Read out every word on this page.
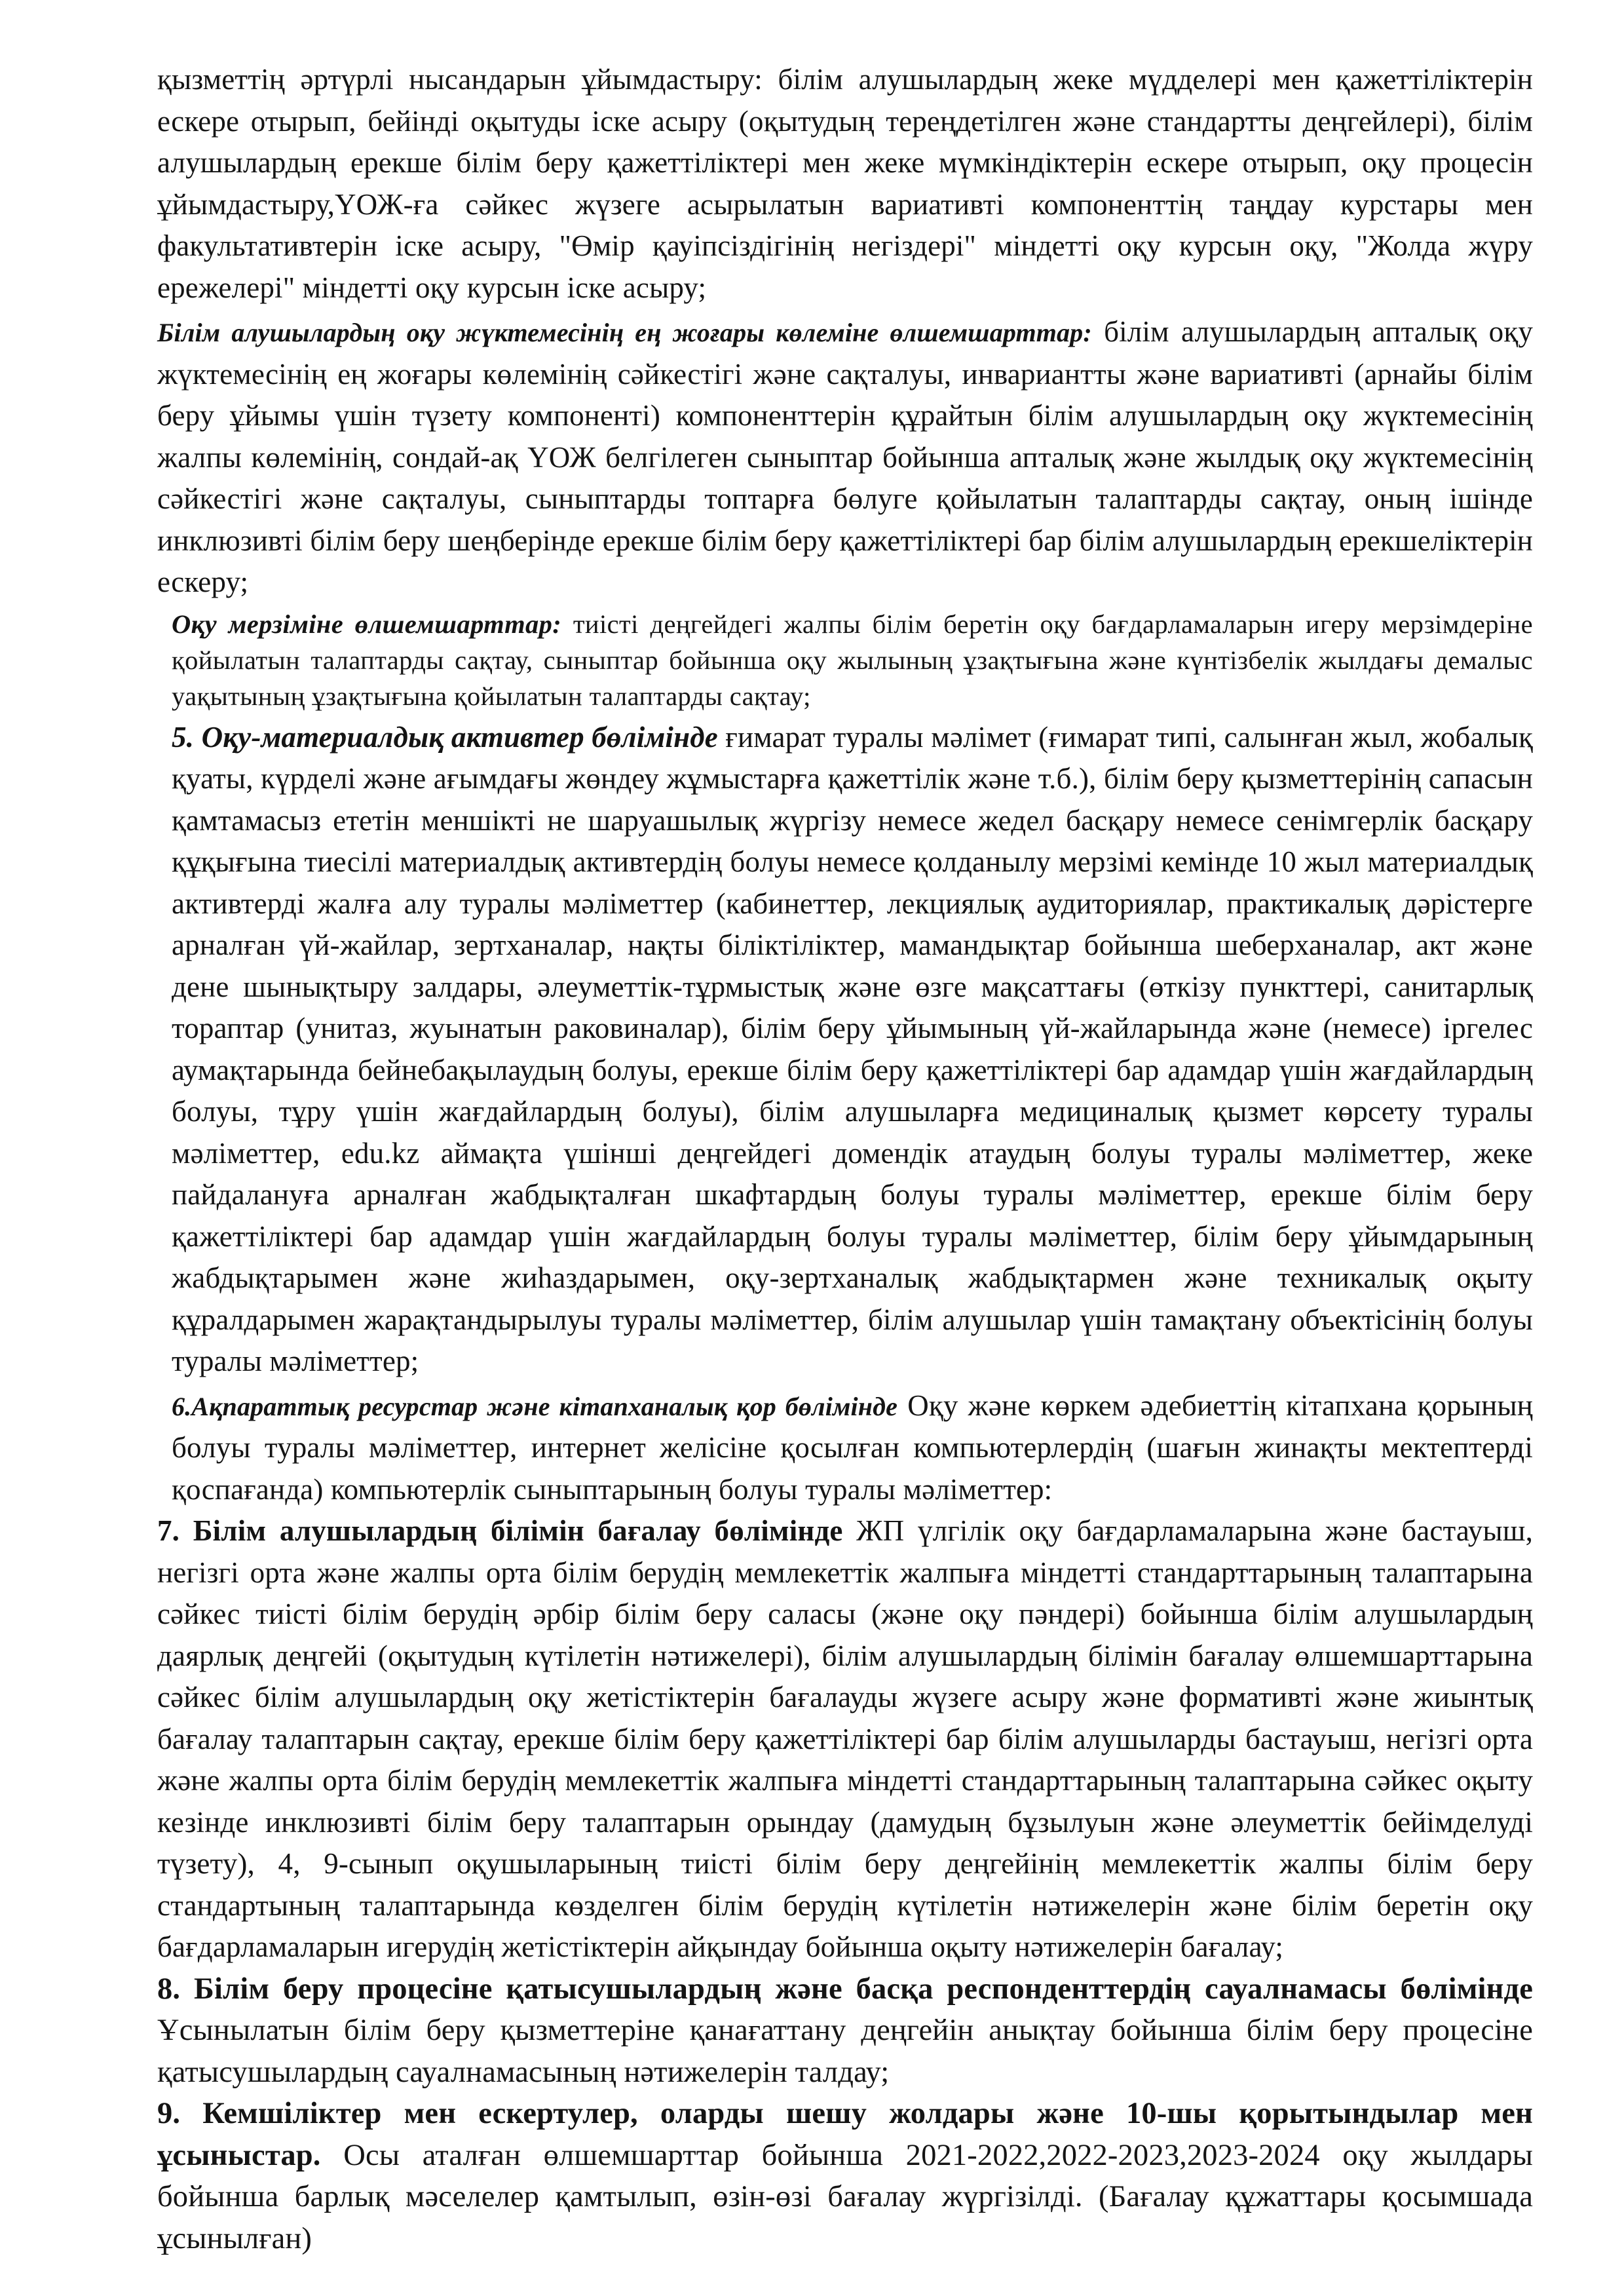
қызметтің әртүрлі нысандарын ұйымдастыру: білім алушылардың жеке мүдделері мен қажеттіліктерін ескере отырып, бейінді оқытуды іске асыру (оқытудың тереңдетілген және стандартты деңгейлері), білім алушылардың ерекше білім беру қажеттіліктері мен жеке мүмкіндіктерін ескере отырып, оқу процесін ұйымдастыру,ҮОЖ-ға сәйкес жүзеге асырылатын вариативті компоненттің таңдау курстары мен факультативтерін іске асыру, "Өмір қауіпсіздігінің негіздері" міндетті оқу курсын оқу, "Жолда жүру ережелері" міндетті оқу курсын іске асыру;

Білім алушылардың оқу жүктемесінің ең жоғары көлеміне өлшемшарттар: білім алушылардың апталық оқу жүктемесінің ең жоғары көлемінің сәйкестігі және сақталуы, инвариантты және вариативті (арнайы білім беру ұйымы үшін түзету компоненті) компоненттерін құрайтын білім алушылардың оқу жүктемесінің жалпы көлемінің, сондай-ақ ҮОЖ белгілеген сыныптар бойынша апталық және жылдық оқу жүктемесінің сәйкестігі және сақталуы, сыныптарды топтарға бөлуге қойылатын талаптарды сақтау, оның ішінде инклюзивті білім беру шеңберінде ерекше білім беру қажеттіліктері бар білім алушылардың ерекшеліктерін ескеру;

Оқу мерзіміне өлшемшарттар: тиісті деңгейдегі жалпы білім беретін оқу бағдарламаларын игеру мерзімдеріне қойылатын талаптарды сақтау, сыныптар бойынша оқу жылының ұзақтығына және күнтізбелік жылдағы демалыс уақытының ұзақтығына қойылатын талаптарды сақтау;

5. Оқу-материалдық активтер бөлімінде ғимарат туралы мәлімет (ғимарат типі, салынған жыл, жобалық қуаты, күрделі және ағымдағы жөндеу жұмыстарға қажеттілік және т.б.), білім беру қызметтерінің сапасын қамтамасыз ететін меншікті не шаруашылық жүргізу немесе жедел басқару немесе сенімгерлік басқару құқығына тиесілі материалдық активтердің болуы немесе қолданылу мерзімі кемінде 10 жыл материалдық активтерді жалға алу туралы мәліметтер (кабинеттер, лекциялық аудиториялар, практикалық дәрістерге арналған үй-жайлар, зертханалар, нақты біліктіліктер, мамандықтар бойынша шеберханалар, акт және дене шынықтыру залдары, әлеуметтік-тұрмыстық және өзге мақсаттағы (өткізу пункттері, санитарлық тораптар (унитаз, жуынатын раковиналар), білім беру ұйымының үй-жайларында және (немесе) іргелес аумақтарында бейнебақылаудың болуы, ерекше білім беру қажеттіліктері бар адамдар үшін жағдайлардың болуы, тұру үшін жағдайлардың болуы), білім алушыларға медициналық қызмет көрсету туралы мәліметтер, edu.kz аймақта үшінші деңгейдегі домендік атаудың болуы туралы мәліметтер, жеке пайдалануға арналған жабдықталған шкафтардың болуы туралы мәліметтер, ерекше білім беру қажеттіліктері бар адамдар үшін жағдайлардың болуы туралы мәліметтер, білім беру ұйымдарының жабдықтарымен және жиһаздарымен, оқу-зертханалық жабдықтармен және техникалық оқыту құралдарымен жарақтандырылуы туралы мәліметтер, білім алушылар үшін тамақтану объектісінің болуы туралы мәліметтер;

6.Ақпараттық ресурстар және кітапханалық қор бөлімінде Оқу және көркем әдебиеттің кітапхана қорының болуы туралы мәліметтер, интернет желісіне қосылған компьютерлердің (шағын жинақты мектептерді қоспағанда) компьютерлік сыныптарының болуы туралы мәліметтер:

7. Білім алушылардың білімін бағалау бөлімінде ЖП үлгілік оқу бағдарламаларына және бастауыш, негізгі орта және жалпы орта білім берудің мемлекеттік жалпыға міндетті стандарттарының талаптарына сәйкес тиісті білім берудің әрбір білім беру саласы (және оқу пәндері) бойынша білім алушылардың даярлық деңгейі (оқытудың күтілетін нәтижелері), білім алушылардың білімін бағалау өлшемшарттарына сәйкес білім алушылардың оқу жетістіктерін бағалауды жүзеге асыру және формативті және жиынтық бағалау талаптарын сақтау, ерекше білім беру қажеттіліктері бар білім алушыларды бастауыш, негізгі орта және жалпы орта білім берудің мемлекеттік жалпыға міндетті стандарттарының талаптарына сәйкес оқыту кезінде инклюзивті білім беру талаптарын орындау (дамудың бұзылуын және әлеуметтік бейімделуді түзету), 4, 9-сынып оқушыларының тиісті білім беру деңгейінің мемлекеттік жалпы білім беру стандартының талаптарында көзделген білім берудің күтілетін нәтижелерін және білім беретін оқу бағдарламаларын игерудің жетістіктерін айқындау бойынша оқыту нәтижелерін бағалау;

8. Білім беру процесіне қатысушылардың және басқа респонденттердің сауалнамасы бөлімінде Ұсынылатын білім беру қызметтеріне қанағаттану деңгейін анықтау бойынша білім беру процесіне қатысушылардың сауалнамасының нәтижелерін талдау;

9. Кемшіліктер мен ескертулер, оларды шешу жолдары және 10-шы қорытындылар мен ұсыныстар. Осы аталған өлшемшарттар бойынша 2021-2022,2022-2023,2023-2024 оқу жылдары бойынша барлық мәселелер қамтылып, өзін-өзі бағалау жүргізілді. (Бағалау құжаттары қосымшада ұсынылған)
